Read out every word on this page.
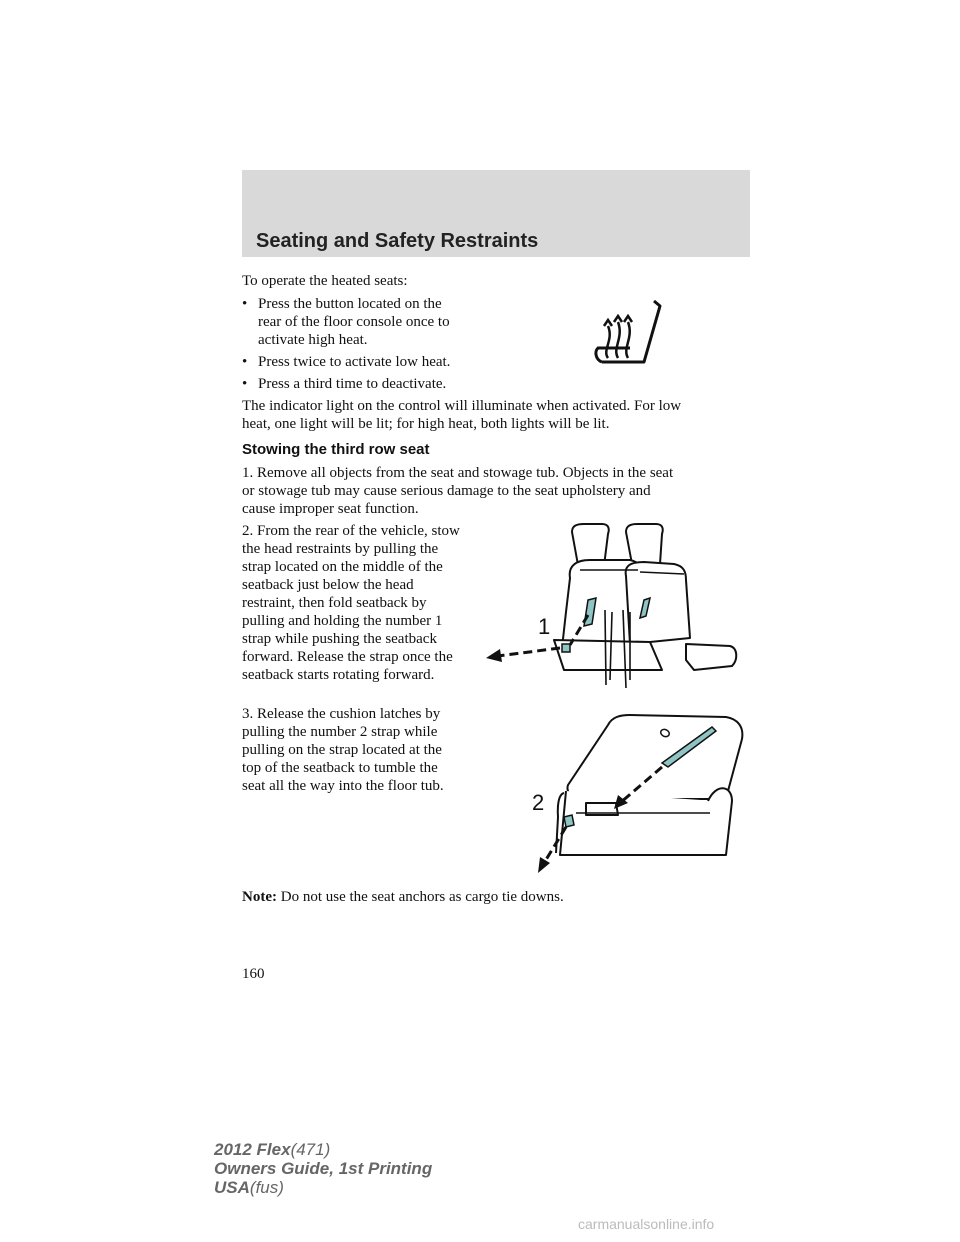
Seating and Safety Restraints
To operate the heated seats:
• Press the button located on the
rear of the floor console once to
activate high heat.
• Press twice to activate low heat.
• Press a third time to deactivate.
The indicator light on the control will illuminate when activated. For low
heat, one light will be lit; for high heat, both lights will be lit.
Stowing the third row seat
1. Remove all objects from the seat and stowage tub. Objects in the seat
or stowage tub may cause serious damage to the seat upholstery and
cause improper seat function.
2. From the rear of the vehicle, stow
the head restraints by pulling the
strap located on the middle of the
seatback just below the head
restraint, then fold seatback by
pulling and holding the number 1
strap while pushing the seatback
forward. Release the strap once the
seatback starts rotating forward.
1
3. Release the cushion latches by
pulling the number 2 strap while
pulling on the strap located at the
top of the seatback to tumble the
seat all the way into the floor tub.
2
Note: Do not use the seat anchors as cargo tie downs.
160
2012 Flex(471)
Owners Guide, 1st Printing
USA(fus)
carmanualsonline.info
